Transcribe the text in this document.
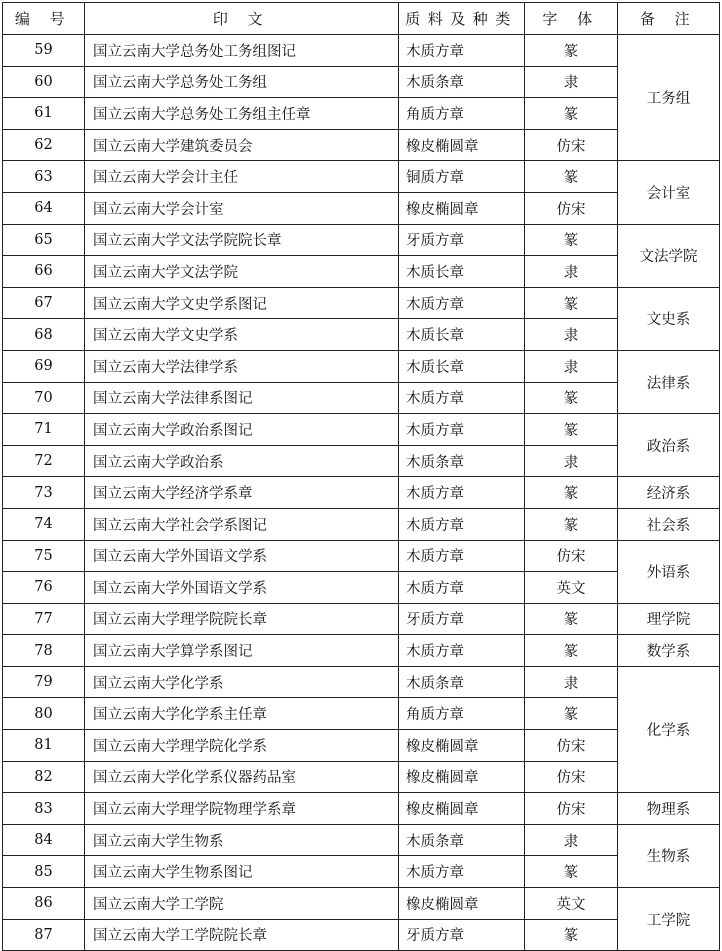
编 号	印 文	质料及种类	字 体	备 注
59	国立云南大学总务处工务组图记	木质方章	篆	工务组
60	国立云南大学总务处工务组	木质条章	隶	
61	国立云南大学总务处工务组主任章	角质方章	篆	
62	国立云南大学建筑委员会	橡皮椭圆章	仿宋	
63	国立云南大学会计主任	铜质方章	篆	会计室
64	国立云南大学会计室	橡皮椭圆章	仿宋	
65	国立云南大学文法学院院长章	牙质方章	篆	文法学院
66	国立云南大学文法学院	木质长章	隶	
67	国立云南大学文史学系图记	木质方章	篆	文史系
68	国立云南大学文史学系	木质长章	隶	
69	国立云南大学法律学系	木质长章	隶	法律系
70	国立云南大学法律系图记	木质方章	篆	
71	国立云南大学政治系图记	木质方章	篆	政治系
72	国立云南大学政治系	木质条章	隶	
73	国立云南大学经济学系章	木质方章	篆	经济系
74	国立云南大学社会学系图记	木质方章	篆	社会系
75	国立云南大学外国语文学系	木质方章	仿宋	外语系
76	国立云南大学外国语文学系	木质方章	英文	
77	国立云南大学理学院院长章	牙质方章	篆	理学院
78	国立云南大学算学系图记	木质方章	篆	数学系
79	国立云南大学化学系	木质条章	隶	化学系
80	国立云南大学化学系主任章	角质方章	篆	
81	国立云南大学理学院化学系	橡皮椭圆章	仿宋	
82	国立云南大学化学系仪器药品室	橡皮椭圆章	仿宋	
83	国立云南大学理学院物理学系章	橡皮椭圆章	仿宋	物理系
84	国立云南大学生物系	木质条章	隶	生物系
85	国立云南大学生物系图记	木质方章	篆	
86	国立云南大学工学院	橡皮椭圆章	英文	工学院
87	国立云南大学工学院院长章	牙质方章	篆	
